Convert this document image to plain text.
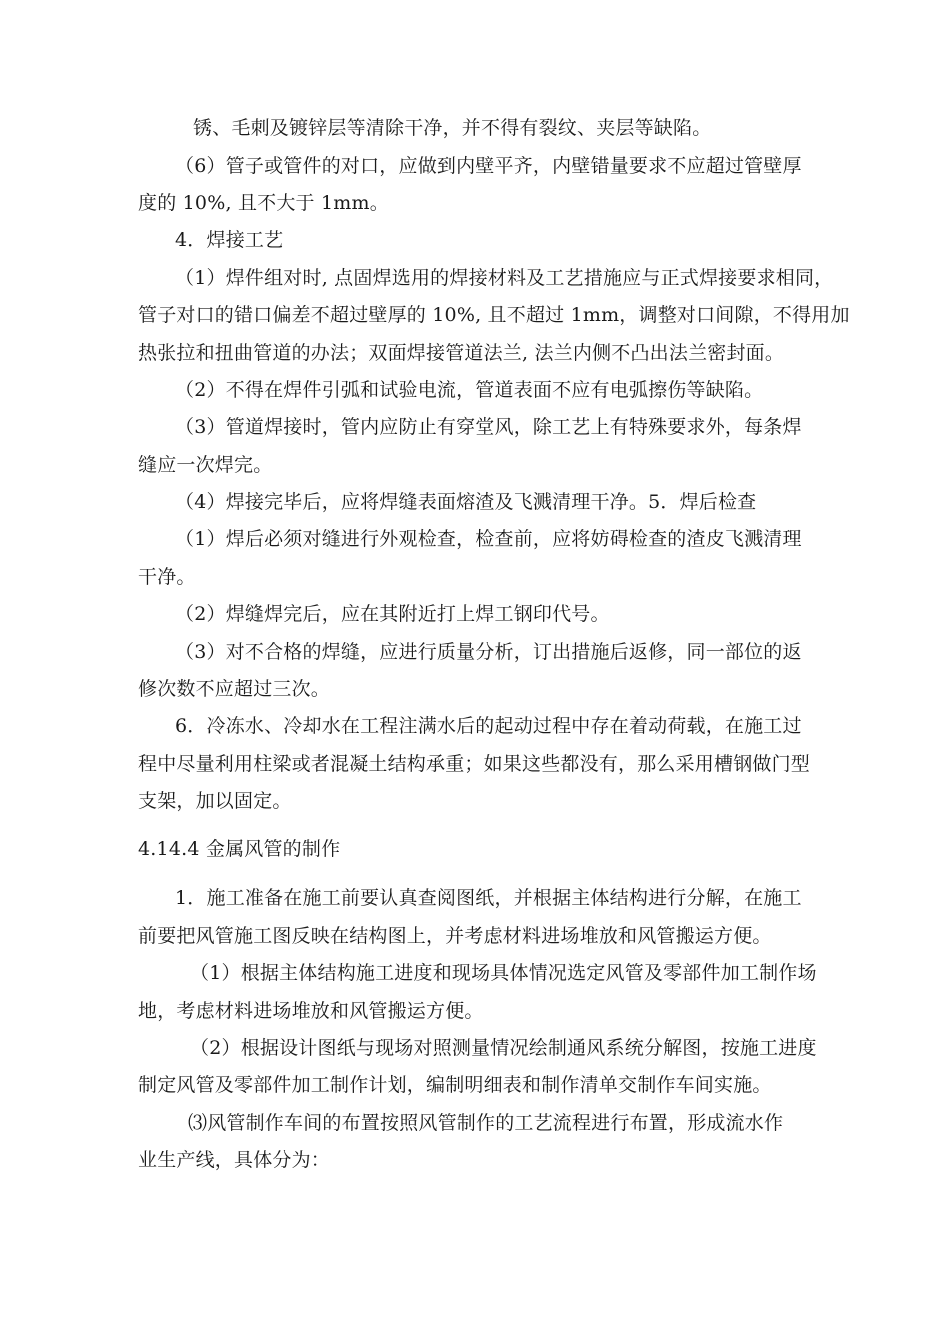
锈、毛刺及镀锌层等清除干净，并不得有裂纹、夹层等缺陷。
（6）管子或管件的对口，应做到内壁平齐，内壁错量要求不应超过管壁厚
度的 10%, 且不大于 1mm。
4．焊接工艺
（1）焊件组对时, 点固焊选用的焊接材料及工艺措施应与正式焊接要求相同，
管子对口的错口偏差不超过壁厚的 10%, 且不超过 1mm，调整对口间隙，不得用加
热张拉和扭曲管道的办法；双面焊接管道法兰, 法兰内侧不凸出法兰密封面。
（2）不得在焊件引弧和试验电流，管道表面不应有电弧擦伤等缺陷。
（3）管道焊接时，管内应防止有穿堂风，除工艺上有特殊要求外，每条焊
缝应一次焊完。
（4）焊接完毕后，应将焊缝表面熔渣及飞溅清理干净。5．焊后检查
（1）焊后必须对缝进行外观检查，检查前，应将妨碍检查的渣皮飞溅清理
干净。
（2）焊缝焊完后，应在其附近打上焊工钢印代号。
（3）对不合格的焊缝，应进行质量分析，订出措施后返修，同一部位的返
修次数不应超过三次。
6．冷冻水、冷却水在工程注满水后的起动过程中存在着动荷载，在施工过
程中尽量利用柱梁或者混凝土结构承重；如果这些都没有，那么采用槽钢做门型
支架，加以固定。
4.14.4 金属风管的制作
1．施工准备在施工前要认真查阅图纸，并根据主体结构进行分解，在施工
前要把风管施工图反映在结构图上，并考虑材料进场堆放和风管搬运方便。
（1）根据主体结构施工进度和现场具体情况选定风管及零部件加工制作场
地，考虑材料进场堆放和风管搬运方便。
（2）根据设计图纸与现场对照测量情况绘制通风系统分解图，按施工进度
制定风管及零部件加工制作计划，编制明细表和制作清单交制作车间实施。
⑶风管制作车间的布置按照风管制作的工艺流程进行布置，形成流水作
业生产线，具体分为：
